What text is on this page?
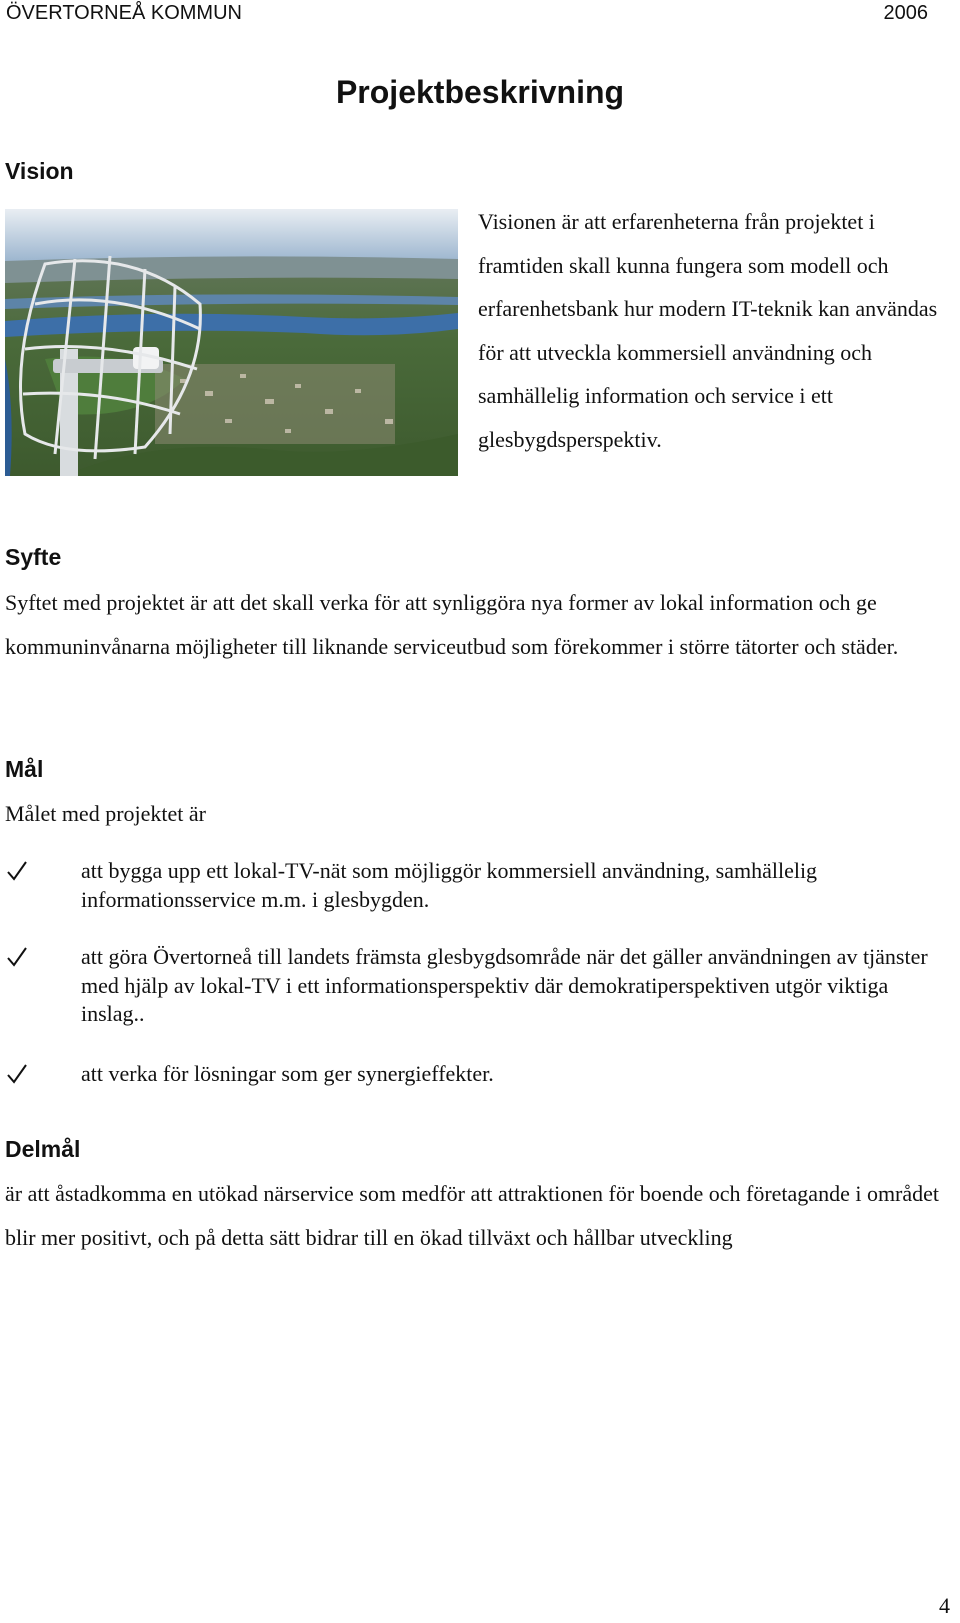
ÖVERTORNEÅ KOMMUN	2006
Projektbeskrivning
Vision

Visionen är att erfarenheterna från projektet i framtiden skall kunna fungera som modell och erfarenhetsbank hur modern IT-teknik kan användas för att utveckla kommersiell användning och samhällelig information och service i ett glesbygdsperspektiv.

Syfte

Syftet med projektet är att det skall verka för att synliggöra nya former av lokal information och ge kommuninvånarna möjligheter till liknande serviceutbud som förekommer i större tätorter och städer.

Mål

Målet med projektet är

att bygga upp ett lokal-TV-nät som möjliggör kommersiell användning, samhällelig informationsservice m.m. i glesbygden.
att göra Övertorneå till landets främsta glesbygdsområde när det gäller användningen av tjänster med hjälp av lokal-TV i ett informationsperspektiv där demokratiperspektiven utgör viktiga inslag..
att verka för lösningar som ger synergieffekter.
Delmål

är att åstadkomma en utökad närservice som medför att attraktionen för boende och företagande i området blir mer positivt, och på detta sätt bidrar till en ökad tillväxt och hållbar utveckling

4
